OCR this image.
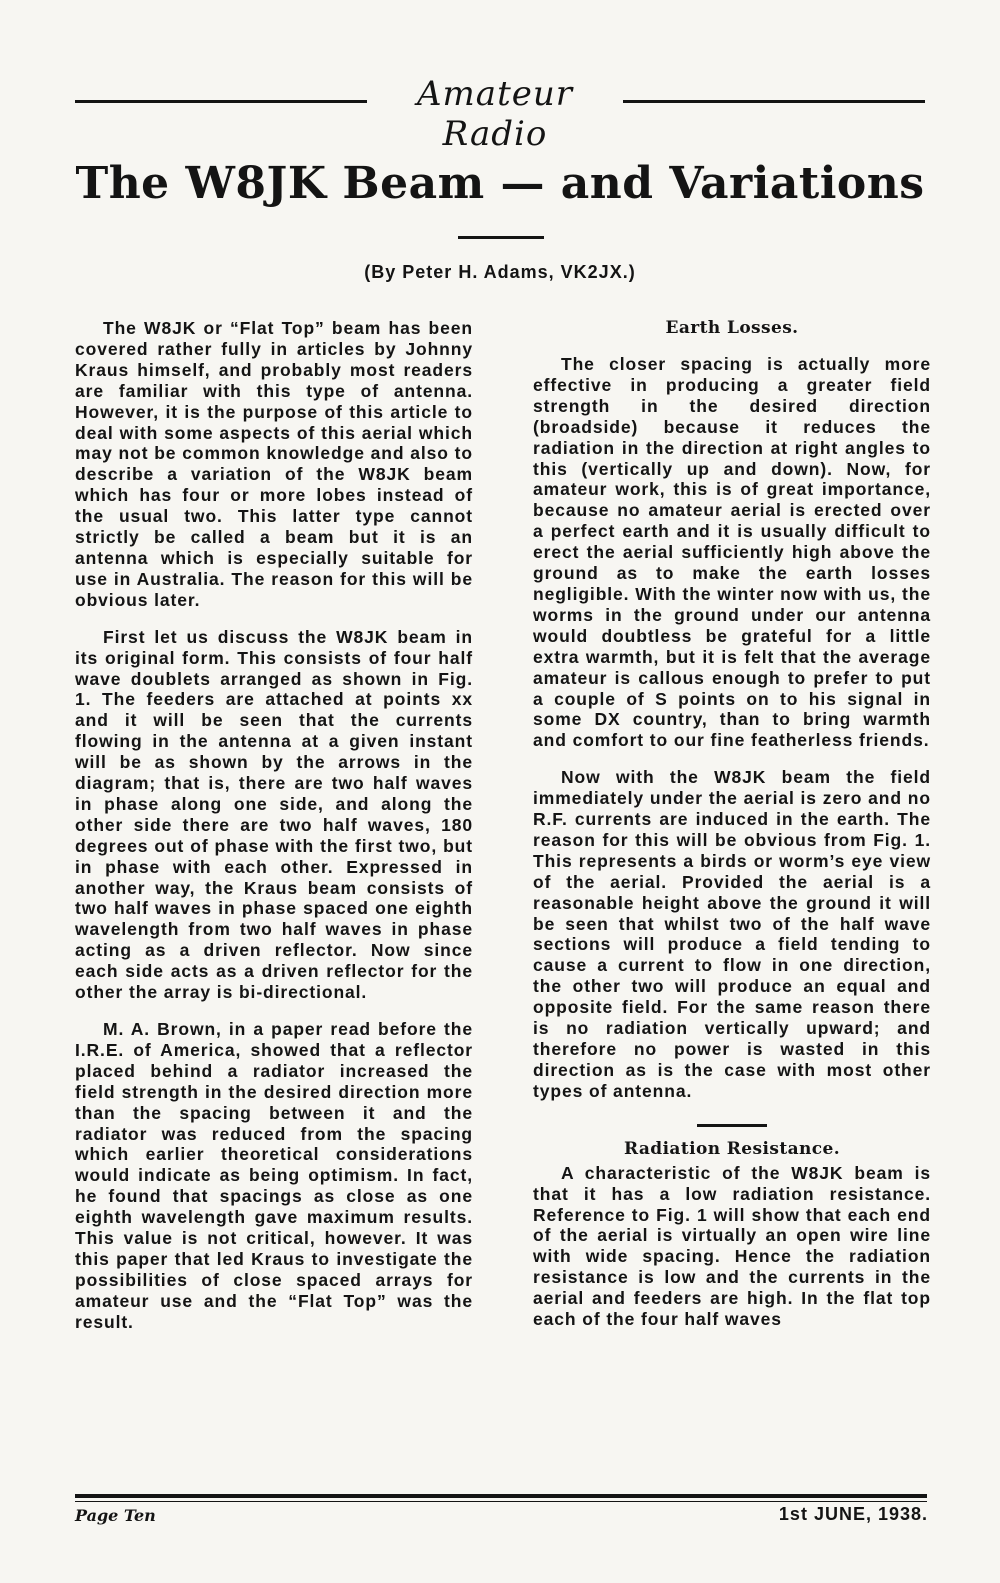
Amateur Radio
The W8JK Beam — and Variations
(By Peter H. Adams, VK2JX.)

The W8JK or “Flat Top” beam has been covered rather fully in articles by Johnny Kraus himself, and probably most readers are familiar with this type of antenna. However, it is the purpose of this article to deal with some aspects of this aerial which may not be common knowledge and also to describe a variation of the W8JK beam which has four or more lobes instead of the usual two. This latter type cannot strictly be called a beam but it is an antenna which is especially suitable for use in Australia. The reason for this will be obvious later.

First let us discuss the W8JK beam in its original form. This consists of four half wave doublets arranged as shown in Fig. 1. The feeders are attached at points xx and it will be seen that the currents flowing in the antenna at a given instant will be as shown by the arrows in the diagram; that is, there are two half waves in phase along one side, and along the other side there are two half waves, 180 degrees out of phase with the first two, but in phase with each other. Expressed in another way, the Kraus beam consists of two half waves in phase spaced one eighth wavelength from two half waves in phase acting as a driven reflector. Now since each side acts as a driven reflector for the other the array is bi-directional.

M. A. Brown, in a paper read before the I.R.E. of America, showed that a reflector placed behind a radiator increased the field strength in the desired direction more than the spacing between it and the radiator was reduced from the spacing which earlier theoretical considerations would indicate as being optimism. In fact, he found that spacings as close as one eighth wavelength gave maximum results. This value is not critical, however. It was this paper that led Kraus to investigate the possibilities of close spaced arrays for amateur use and the “Flat Top” was the result.

Earth Losses.

The closer spacing is actually more effective in producing a greater field strength in the desired direction (broadside) because it reduces the radiation in the direction at right angles to this (vertically up and down). Now, for amateur work, this is of great importance, because no amateur aerial is erected over a perfect earth and it is usually difficult to erect the aerial sufficiently high above the ground as to make the earth losses negligible. With the winter now with us, the worms in the ground under our antenna would doubtless be grateful for a little extra warmth, but it is felt that the average amateur is callous enough to prefer to put a couple of S points on to his signal in some DX country, than to bring warmth and comfort to our fine featherless friends.

Now with the W8JK beam the field immediately under the aerial is zero and no R.F. currents are induced in the earth. The reason for this will be obvious from Fig. 1. This represents a birds or worm’s eye view of the aerial. Provided the aerial is a reasonable height above the ground it will be seen that whilst two of the half wave sections will produce a field tending to cause a current to flow in one direction, the other two will produce an equal and opposite field. For the same reason there is no radiation vertically upward; and therefore no power is wasted in this direction as is the case with most other types of antenna.

Radiation Resistance.

A characteristic of the W8JK beam is that it has a low radiation resistance. Reference to Fig. 1 will show that each end of the aerial is virtually an open wire line with wide spacing. Hence the radiation resistance is low and the currents in the aerial and feeders are high. In the flat top each of the four half waves

Page Ten	1st JUNE, 1938.
